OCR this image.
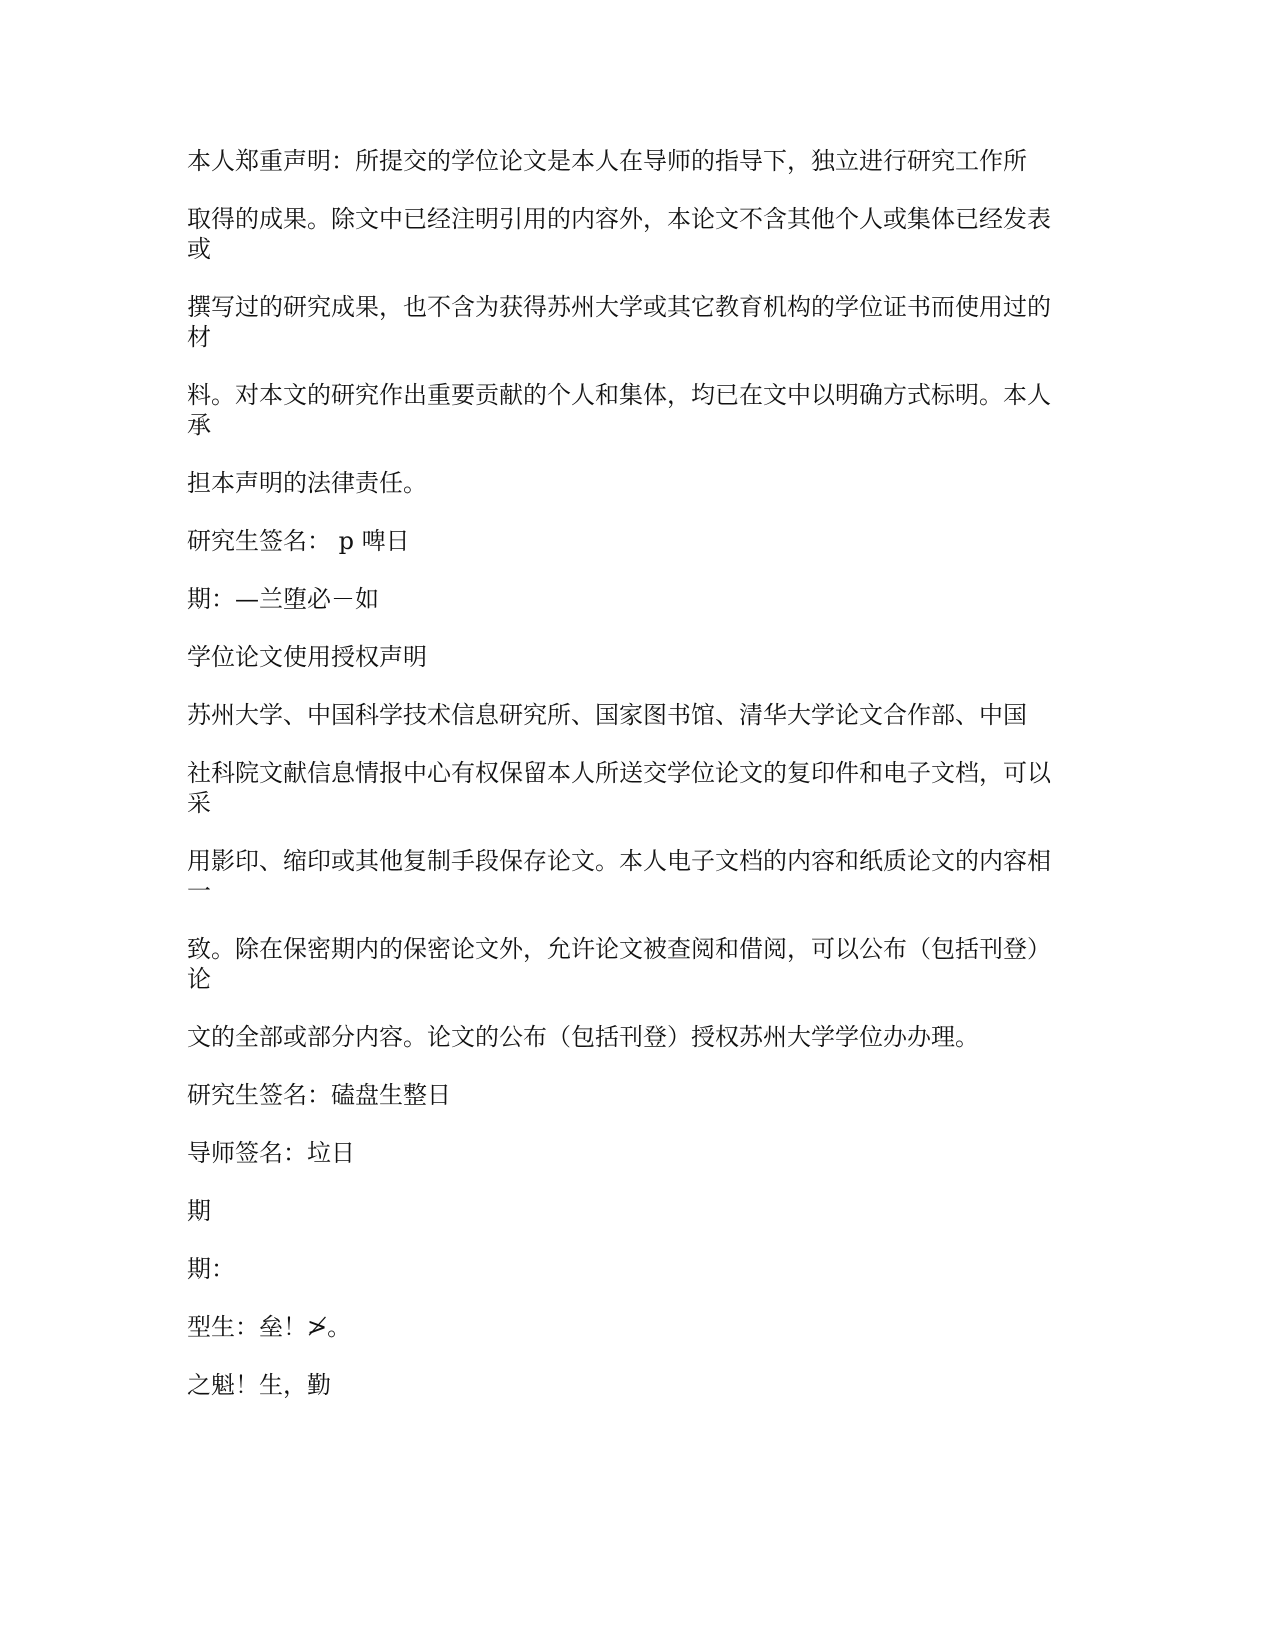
本人郑重声明：所提交的学位论文是本人在导师的指导下，独立进行研究工作所

取得的成果。除文中已经注明引用的内容外，本论文不含其他个人或集体已经发表

或

撰写过的研究成果，也不含为获得苏州大学或其它教育机构的学位证书而使用过的

材

料。对本文的研究作出重要贡献的个人和集体，均已在文中以明确方式标明。本人

承

担本声明的法律责任。

研究生签名： p 啤日

期：—兰堕必－如

学位论文使用授权声明

苏州大学、中国科学技术信息研究所、国家图书馆、清华大学论文合作部、中国

社科院文献信息情报中心有权保留本人所送交学位论文的复印件和电子文档，可以

采

用影印、缩印或其他复制手段保存论文。本人电子文档的内容和纸质论文的内容相

一

致。除在保密期内的保密论文外，允许论文被查阅和借阅，可以公布（包括刊登）

论

文的全部或部分内容。论文的公布（包括刊登）授权苏州大学学位办办理。

研究生签名：磕盘生整日

导师签名：垃日

期

期：

型生：垒！≯。

之魁！生，勤
